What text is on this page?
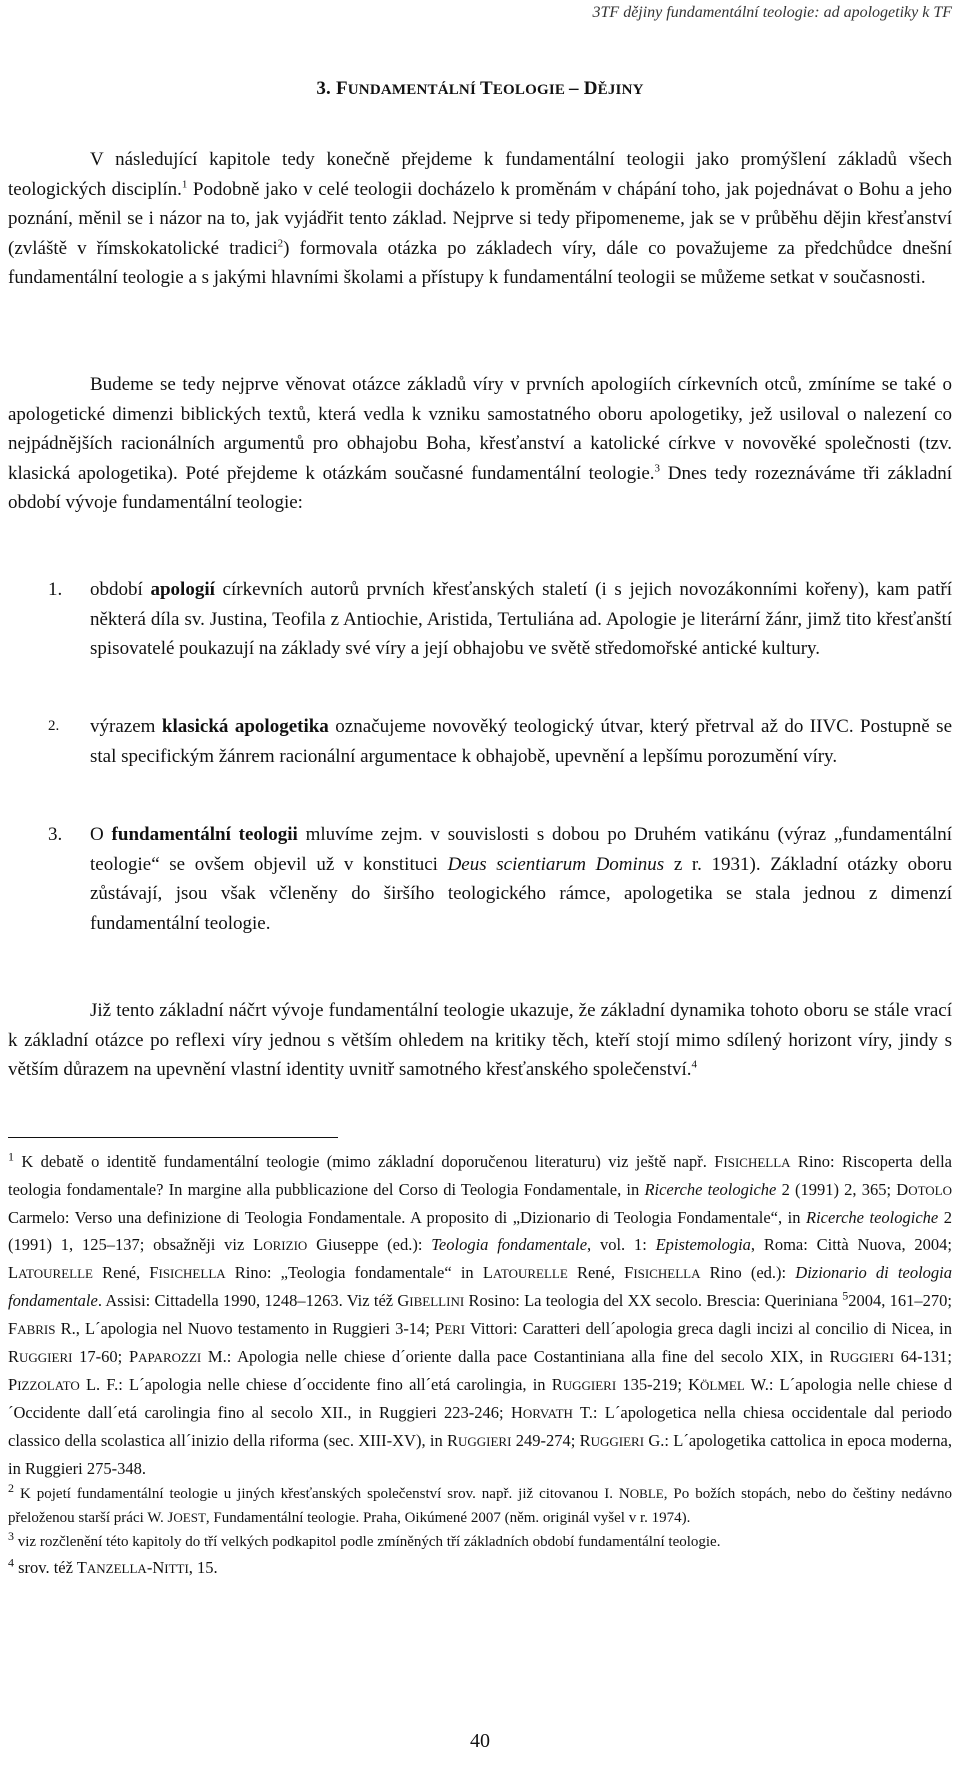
3TF dějiny fundamentální teologie: ad apologetiky k TF
3. FUNDAMENTÁLNÍ TEOLOGIE – DĚJINY

V následující kapitole tedy konečně přejdeme k fundamentální teologii jako promýšlení základů všech teologických disciplín.$^1$ Podobně jako v celé teologii docházelo k proměnám v chápání toho, jak pojednávat o Bohu a jeho poznání, měnil se i názor na to, jak vyjádřit tento základ. Nejprve si tedy připomeneme, jak se v průběhu dějin křesťanství (zvláště v římskokatolické tradici$^2$) formovala otázka po základech víry, dále co považujeme za předchůdce dnešní fundamentální teologie a s jakými hlavními školami a přístupy k fundamentální teologii se můžeme setkat v současnosti.

Budeme se tedy nejprve věnovat otázce základů víry v prvních apologiích církevních otců, zmíníme se také o apologetické dimenzi biblických textů, která vedla k vzniku samostatného oboru apologetiky, jež usiloval o nalezení co nejpádnějších racionálních argumentů pro obhajobu Boha, křesťanství a katolické církve v novověké společnosti (tzv. klasická apologetika). Poté přejdeme k otázkám současné fundamentální teologie.$^3$ Dnes tedy rozeznáváme tři základní období vývoje fundamentální teologie:

1. období apologií církevních autorů prvních křesťanských staletí (i s jejich novozákonními kořeny), kam patří některá díla sv. Justina, Teofila z Antiochie, Aristida, Tertuliána ad. Apologie je literární žánr, jimž tito křesťanští spisovatelé poukazují na základy své víry a její obhajobu ve světě středomořské antické kultury.

2. výrazem klasická apologetika označujeme novověký teologický útvar, který přetrval až do IIVC. Postupně se stal specifickým žánrem racionální argumentace k obhajobě, upevnění a lepšímu porozumění víry.

3. O fundamentální teologii mluvíme zejm. v souvislosti s dobou po Druhém vatikánu (výraz „fundamentální teologie“ se ovšem objevil už v konstituci Deus scientiarum Dominus z r. 1931). Základní otázky oboru zůstávají, jsou však včleněny do širšího teologického rámce, apologetika se stala jednou z dimenzí fundamentální teologie.

Již tento základní náčrt vývoje fundamentální teologie ukazuje, že základní dynamika tohoto oboru se stále vrací k základní otázce po reflexi víry jednou s větším ohledem na kritiky těch, kteří stojí mimo sdílený horizont víry, jindy s větším důrazem na upevnění vlastní identity uvnitř samotného křesťanského společenství.$^4$

$^1$ K debatě o identitě fundamentální teologie (mimo základní doporučenou literaturu) viz ještě např. FISICHELLA Rino: Riscoperta della teologia fondamentale? In margine alla pubblicazione del Corso di Teologia Fondamentale, in Ricerche teologiche 2 (1991) 2, 365; DOTOLO Carmelo: Verso una definizione di Teologia Fondamentale. A proposito di „Dizionario di Teologia Fondamentale“, in Ricerche teologiche 2 (1991) 1, 125–137; obsažněji viz LORIZIO Giuseppe (ed.): Teologia fondamentale, vol. 1: Epistemologia, Roma: Città Nuova, 2004; LATOURELLE René, FISICHELLA Rino: „Teologia fondamentale“ in LATOURELLE René, FISICHELLA Rino (ed.): Dizionario di teologia fondamentale. Assisi: Cittadella 1990, 1248–1263. Viz též GIBELLINI Rosino: La teologia del XX secolo. Brescia: Queriniana $^5$2004, 161–270; FABRIS R., L´apologia nel Nuovo testamento in Ruggieri 3-14; PERI Vittori: Caratteri dell´apologia greca dagli incizi al concilio di Nicea, in RUGGIERI 17-60; PAPAROZZI M.: Apologia nelle chiese d´oriente dalla pace Costantiniana alla fine del secolo XIX, in RUGGIERI 64-131; PIZZOLATO L. F.: L´apologia nelle chiese d´occidente fino all´etá carolingia, in RUGGIERI 135-219; KÖLMEL W.: L´apologia nelle chiese d ´Occidente dall´etá carolingia fino al secolo XII., in Ruggieri 223-246; HORVATH T.: L´apologetica nella chiesa occidentale dal periodo classico della scolastica all´inizio della riforma (sec. XIII-XV), in RUGGIERI 249-274; RUGGIERI G.: L´apologetika cattolica in epoca moderna, in Ruggieri 275-348.

$^2$ K pojetí fundamentální teologie u jiných křesťanských společenství srov. např. již citovanou I. NOBLE, Po božích stopách, nebo do češtiny nedávno přeloženou starší práci W. JOEST, Fundamentální teologie. Praha, Oikúmené 2007 (něm. originál vyšel v r. 1974).

$^3$ viz rozčlenění této kapitoly do tří velkých podkapitol podle zmíněných tří základních období fundamentální teologie.

$^4$ srov. též TANZELLA-NITTI, 15.

40
